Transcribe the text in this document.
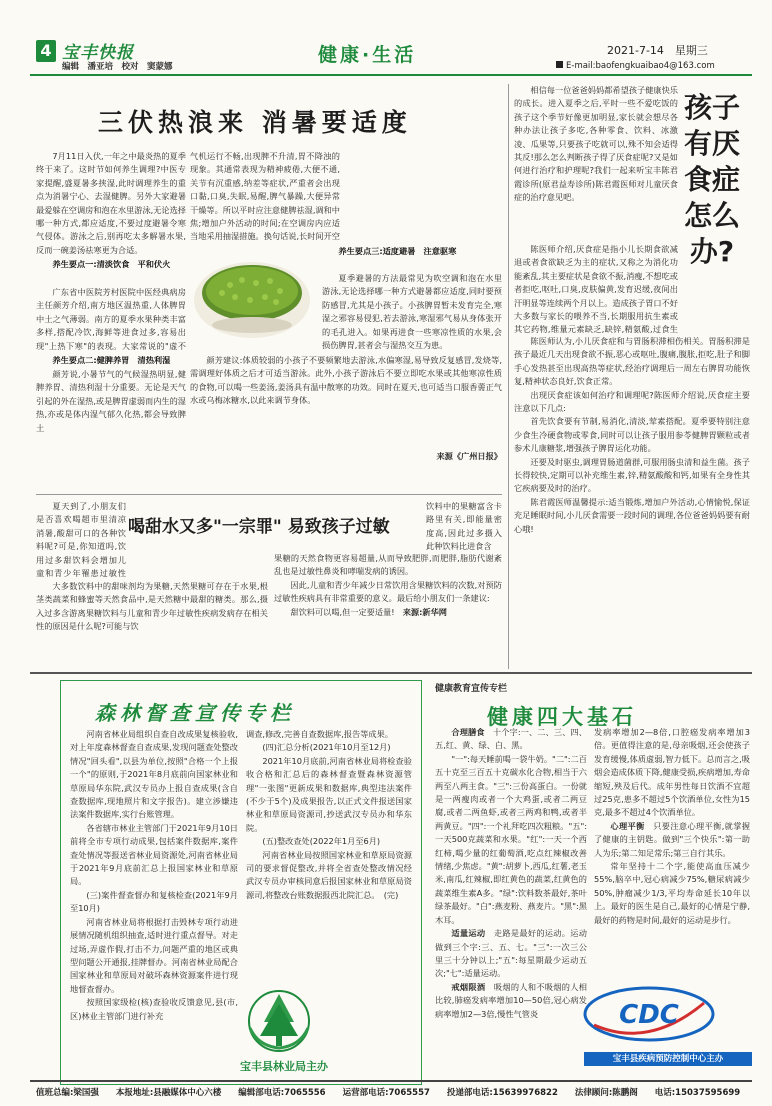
4 宝丰快报
编辑　潘亚培　校对　窦蒙娜
健康·生活	2021-7-14　星期三
E-mail:baofengkuaibao4@163.com
三伏热浪来 消暑要适度

7月11日入伏,一年之中最炎热的夏季终于来了。这时节如何养生调理?中医专家提醒,盛夏暑多挟湿,此时调理养生的重点为消暑宁心、去湿健脾。另外大家避暑最爱躲在空调房和泡在水里游泳,无论选择哪一种方式,都应适度,不要过度避暑令寒气侵体。游泳之后,别再吃太多解暑水果,反而一碗姜汤祛寒更为合适。

养生要点一:清淡饮食　平和伏火

广东省中医院芳村医院中医经典病房主任颜芳介绍,南方地区温热重,人体脾胃中土之气薄弱。南方的夏季水果种类丰富多样,搭配冷饮,海鲜等进食过多,容易出现"上热下寒"的表现。大家常说的"虚不

养生要点二:健脾养胃　清热利湿

颜芳说,小暑节气的气候湿热明显,健脾养胃、清热利湿十分重要。无论是天气引起的外在湿热,或是脾胃虚弱而内生的湿热,亦或是体内湿气郁久化热,都会导致脾土

气机运行不畅,出现脾不升清,胃不降浊的现象。其通常表现为精神疲倦,大便不通,关节有沉重感,纳差等症状,严重者会出现口黏,口臭,失眠,易醒,脾气暴躁,大便异常干燥等。所以平时应注意健脾祛湿,调和中焦;增加户外活动的时间;在空调房内应适当地采用抽湿措施。换句话说,长时间开空

养生要点三:适度避暑　注意驱寒

夏季避暑的方法最常见为吹空调和泡在水里游泳,无论选择哪一种方式避暑都应适度,同时要预防感冒,尤其是小孩子。小孩脾胃暂未发育完全,寒湿之邪容易侵犯,若去游泳,寒湿邪气易从身体张开的毛孔进入。如果再进食一些寒凉性质的水果,会损伤脾胃,甚者会与湿热交互为患。

颜芳建议:体质较弱的小孩子不要频繁地去游泳,水偏寒湿,易导致反复感冒,发烧等,需调理好体质之后才可适当游泳。此外,小孩子游泳后不要立即吃水果或其他寒凉性质的食物,可以喝一些姜汤,姜汤具有温中散寒的功效。同时在夏天,也可适当口服香薷正气水或乌梅冰糖水,以此来调节身体。

来源《广州日报》

相信每一位爸爸妈妈都希望孩子健康快乐的成长。进入夏季之后,平时一些不爱吃饭的孩子这个季节好像更加明显,家长就会想尽各种办法让孩子多吃,各种零食、饮料、冰激凌、瓜果等,只要孩子吃就可以,殊不知会适得其反!那么怎么判断孩子得了厌食症呢?又是如何进行治疗和护理呢?我们一起来听宝丰陈君霞诊所(原君益寿诊所)陈君霞医师对儿童厌食症的治疗意见吧。

孩子有厌食症怎么办?

陈医师介绍,厌食症是指小儿长期食欲减退或者食欲缺乏为主的症状,又称之为消化功能紊乱,其主要症状是食欲不振,消瘦,不想吃或者拒吃,呕吐,口臭,皮肤偏黄,发育迟缓,夜间出汗明显等连续两个月以上。造成孩子胃口不好大多数与家长的喂养不当,长期服用抗生素或其它药物,维量元素缺乏,缺锌,精氨酸,过食生

陈医师认为,小儿厌食症和与胃肠积滞相伤相关。胃肠积滞是孩子最近几天出现食欲不振,恶心或呕吐,腹痛,腹胀,拒吃,肚子和脚手心发热甚至出现高热等症状,经治疗调理后一周左右脾胃功能恢复,精神状态良好,饮食正常。

出现厌食症该如何治疗和调理呢?陈医师介绍说,厌食症主要注意以下几点:

首先饮食要有节制,易消化,清淡,荤素搭配。夏季要特别注意少食生冷硬食物或零食,同时可以让孩子服用参苓健脾胃颗粒或者参术儿康糖浆,增强孩子脾胃运化功能。

还要及时驱虫,调理胃肠道菌群,可服用肠虫清和益生菌。孩子长得较快,定期可以补充维生素,锌,精氨酸酸和钙,如果有全身性其它疾病要及时的治疗。

陈君霞医师温馨提示:适当锻炼,增加户外活动,心情愉悦,保证充足睡眠时间,小儿厌食需要一段时间的调理,各位爸爸妈妈要有耐心哦!

夏天到了,小朋友们是否喜欢喝超市里清凉消暑,酸甜可口的各种饮料呢?可是,你知道吗,饮用过多甜饮料会增加儿童和青少年罹患过敏性

喝甜水又多"一宗罪" 易致孩子过敏

大多数饮料中的甜味剂均为果糖,天然果糖可存在于水果,根茎类蔬菜和蜂蜜等天然食品中,是天然糖中最甜的糖类。那么,摄入过多含游离果糖饮料与儿童和青少年过敏性疾病发病存在相关性的原因是什么呢?可能与饮

饮料中的果糖富含卡路里有关,即能量密度高,因此过多摄入此种饮料比进食含

果糖的天然食物更容易超量,从而导致肥胖,而肥胖,脂肪代谢紊乱也是过敏性鼻炎和哮喘发病的诱因。

因此,儿童和青少年减少日常饮用含果糖饮料的次数,对预防过敏性疾病具有非常重要的意义。最后给小朋友们一条建议:

甜饮料可以喝,但一定要适量!　 来源:新华网

森林督查宣传专栏

河南省林业局组织自查自改成果复核验收,对上年度森林督查自查成果,发现问题查处整改情况"回头看",以县为单位,按照"合格一个上报一个"的原则,于2021年8月底前向国家林业和草原局华东院,武汉专员办上报自查成果(含自查数据库,现地照片和文字报告)。建立涉嫌违法案件数据库,实行台账管理。

各省辖市林业主管部门于2021年9月10日前将全市专项行动成果,包括案件数据库,案件查处情况等报送省林业局资源处,河南省林业局于2021年9月底前汇总上报国家林业和草原局。

(三)案件督查督办和复核检查(2021年9月至10月)

河南省林业局将根据打击毁林专项行动进展情况随机组织抽查,适时进行重点督导。对走过场,弄虚作假,打击不力,问题严重的地区或典型问题公开通报,挂牌督办。河南省林业局配合国家林业和草原局对破坏森林资源案件进行现地督查督办。

按照国家级检(核)查验收反馈意见,县(市,区)林业主管部门进行补充

调查,修改,完善自查数据库,报告等成果。

(四)汇总分析(2021年10月至12月)

2021年10月底前,河南省林业局将检查验收合格和汇总后的森林督查暨森林资源管理"一张图"更新成果和数据库,典型违法案件(不少于5个)及成果报告,以正式文件报送国家林业和草原局资源司,抄送武汉专员办和华东院。

(五)整改查处(2022年1月至6月)

河南省林业局按照国家林业和草原局资源司的要求督促整改,并将全省查处整改情况经武汉专员办审核同意后报国家林业和草原局资源司,将整改台账数据报西北院汇总。　(完)

宝丰县林业局主办
健康教育宣传专栏
健康四大基石

合理膳食　 十个字:一、二、三、四、五,红、黄、绿、白、黑。

"一":每天睡前喝一袋牛奶。"二":二百五十克至三百五十克碳水化合物,相当于六两至八两主食。"三":三份高蛋白。一份就是一两瘦肉或者一个大鸡蛋,或者二两豆腐,或者二两鱼虾,或者三两鸡和鸭,或者半两黄豆。"四":一个礼拜吃四次粗粮。"五":一天500克蔬菜和水果。"红":一天一个西红柿,喝少量的红葡萄酒,吃点红辣椒改善情绪,少焦虑。"黄":胡萝卜,西瓜,红薯,老玉米,南瓜,红辣椒,即红黄色的蔬菜,红黄色的蔬菜维生素A多。"绿":饮料数茶最好,茶叶绿茶最好。"白":燕麦粉、燕麦片。"黑":黑木耳。

适量运动　 走路是最好的运动。运动做到三个字:三、五、七。"三":一次三公里三十分钟以上;"五":每星期最少运动五次;"七":适量运动。

戒烟限酒　 吸烟的人和不吸烟的人相比较,肺癌发病率增加10—50倍,冠心病发病率增加2—3倍,慢性气管炎

发病率增加2—8倍,口腔癌发病率增加3倍。更值得注意的是,母亲吸烟,还会使孩子发育缓慢,体质虚弱,智力低下。总而言之,吸烟会造成体质下降,健康受损,疾病增加,寿命缩短,殃及后代。成年男性每日饮酒不宜超过25克,患多不超过5个饮酒单位,女性为15克,最多不超过4个饮酒单位。

心理平衡　 只要注意心理平衡,就掌握了健康的主钥匙。做到"三个快乐":第一助人为乐;第二知足常乐;第三自行其乐。

常年坚持十二个字,能使高血压减少55%,脑卒中,冠心病减少75%,糖尿病减少50%,肿瘤减少1/3,平均寿命延长10年以上。最好的医生是自己,最好的心情是宁静,最好的药物是时间,最好的运动是步行。

CDC
宝丰县疾病预防控制中心主办
值班总编:梁国强　　本报地址:县融媒体中心六楼　　编辑部电话:7065556　　运营部电话:7065557　　投递部电话:15639976822　　法律顾问:陈鹏阁　　电话:15037595699
